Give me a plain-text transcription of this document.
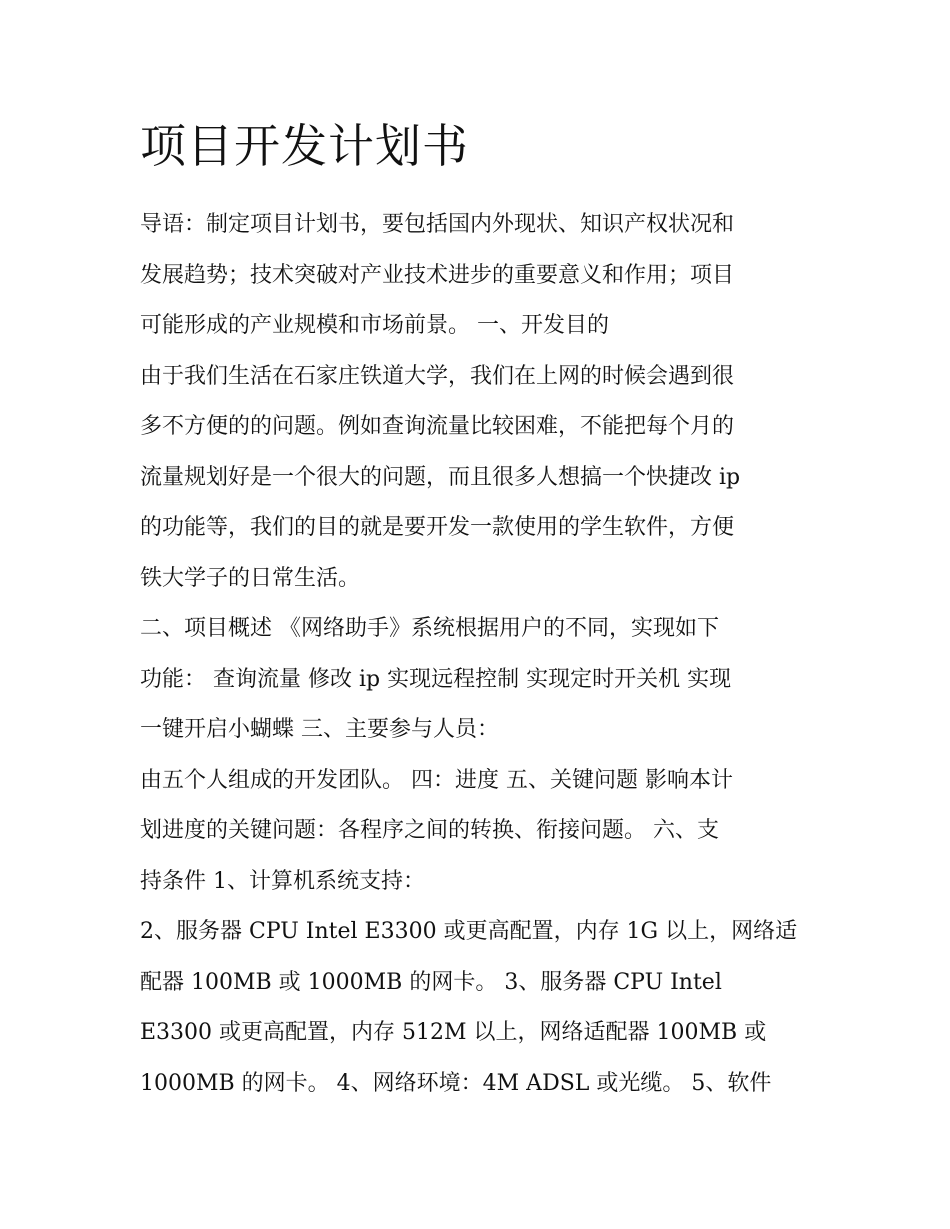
项目开发计划书
导语：制定项目计划书，要包括国内外现状、知识产权状况和
发展趋势；技术突破对产业技术进步的重要意义和作用；项目
可能形成的产业规模和市场前景。 一、开发目的
由于我们生活在石家庄铁道大学，我们在上网的时候会遇到很
多不方便的的问题。例如查询流量比较困难，不能把每个月的
流量规划好是一个很大的问题，而且很多人想搞一个快捷改 ip
的功能等，我们的目的就是要开发一款使用的学生软件，方便
铁大学子的日常生活。
二、项目概述 《网络助手》系统根据用户的不同，实现如下
功能： 查询流量 修改 ip 实现远程控制 实现定时开关机 实现
一键开启小蝴蝶 三、主要参与人员：
由五个人组成的开发团队。 四：进度 五、关键问题 影响本计
划进度的关键问题：各程序之间的转换、衔接问题。 六、支
持条件 1、计算机系统支持：
2、服务器 CPU Intel E3300 或更高配置，内存 1G 以上，网络适
配器 100MB 或 1000MB 的网卡。 3、服务器 CPU Intel
E3300 或更高配置，内存 512M 以上，网络适配器 100MB 或
1000MB 的网卡。 4、网络环境：4M ADSL 或光缆。 5、软件
